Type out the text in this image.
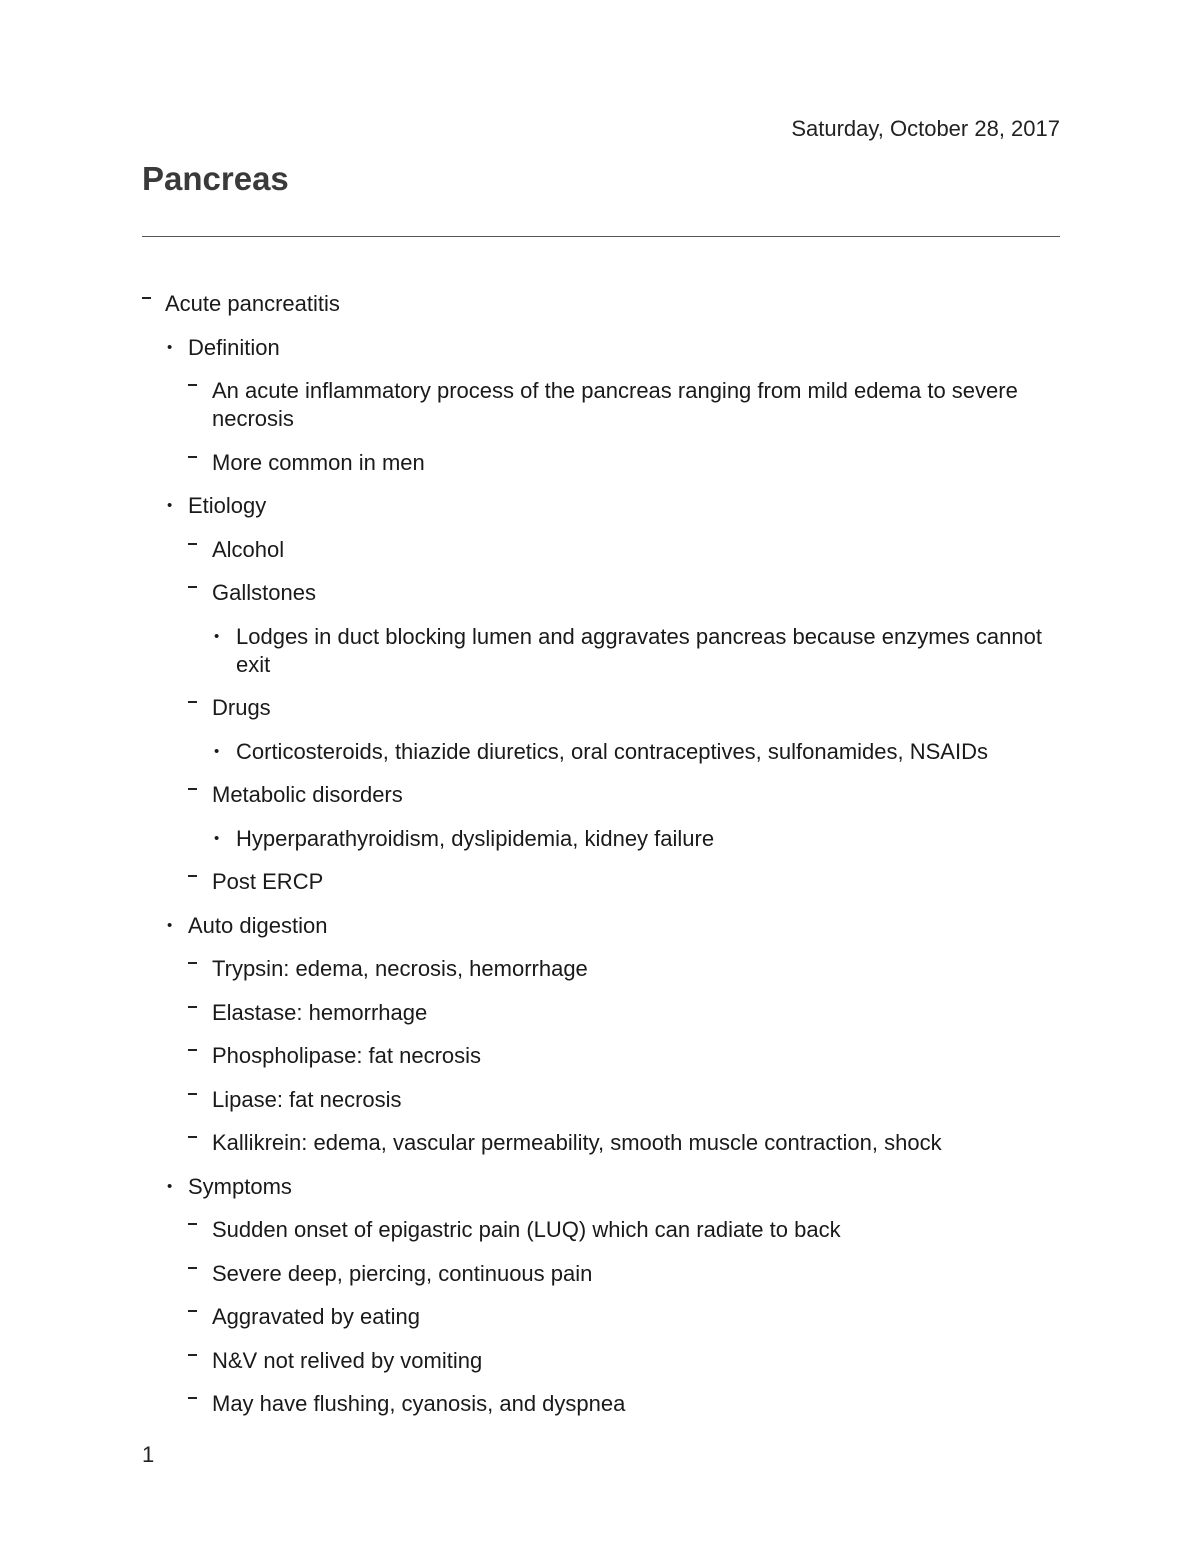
Saturday, October 28, 2017
Pancreas
Acute pancreatitis
• Definition
An acute inflammatory process of the pancreas ranging from mild edema to severe necrosis
More common in men
• Etiology
Alcohol
Gallstones
• Lodges in duct blocking lumen and aggravates pancreas because enzymes cannot exit
Drugs
• Corticosteroids, thiazide diuretics, oral contraceptives, sulfonamides, NSAIDs
Metabolic disorders
• Hyperparathyroidism, dyslipidemia, kidney failure
Post ERCP
• Auto digestion
Trypsin: edema, necrosis, hemorrhage
Elastase: hemorrhage
Phospholipase: fat necrosis
Lipase: fat necrosis
Kallikrein: edema, vascular permeability, smooth muscle contraction, shock
• Symptoms
Sudden onset of epigastric pain (LUQ) which can radiate to back
Severe deep, piercing, continuous pain
Aggravated by eating
N&V not relived by vomiting
May have flushing, cyanosis, and dyspnea
1
